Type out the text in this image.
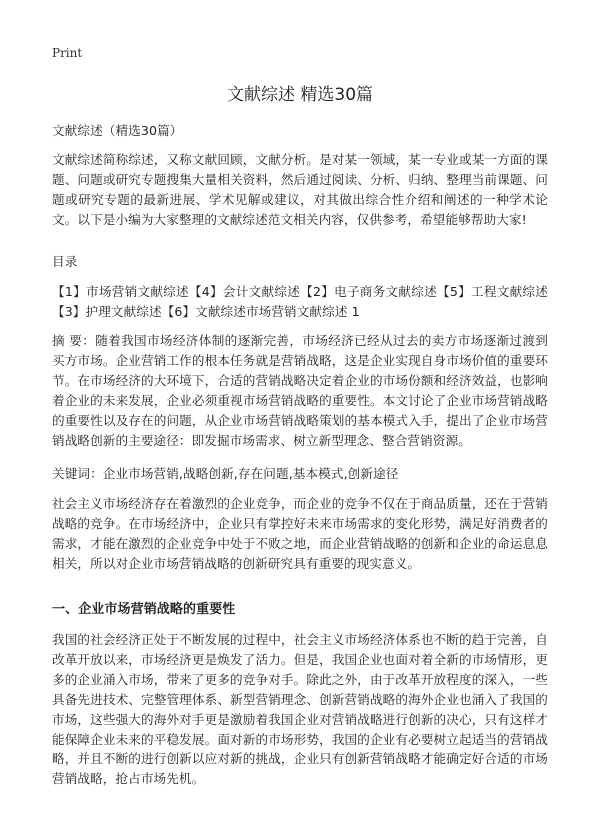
Print
文献综述 精选30篇

文献综述（精选30篇）

文献综述简称综述，又称文献回顾，文献分析。是对某一领域，某一专业或某一方面的课题、问题或研究专题搜集大量相关资料，然后通过阅读、分析、归纳、整理当前课题、问题或研究专题的最新进展、学术见解或建议，对其做出综合性介绍和阐述的一种学术论文。以下是小编为大家整理的文献综述范文相关内容，仅供参考，希望能够帮助大家!

目录

【1】市场营销文献综述【4】会计文献综述【2】电子商务文献综述【5】工程文献综述【3】护理文献综述【6】文献综述市场营销文献综述 1

摘 要：随着我国市场经济体制的逐渐完善，市场经济已经从过去的卖方市场逐渐过渡到买方市场。企业营销工作的根本任务就是营销战略，这是企业实现自身市场价值的重要环节。在市场经济的大环境下，合适的营销战略决定着企业的市场份额和经济效益，也影响着企业的未来发展，企业必须重视市场营销战略的重要性。本文讨论了企业市场营销战略的重要性以及存在的问题，从企业市场营销战略策划的基本模式入手，提出了企业市场营销战略创新的主要途径：即发掘市场需求、树立新型理念、整合营销资源。

关键词：企业市场营销,战略创新,存在问题,基本模式,创新途径

社会主义市场经济存在着激烈的企业竞争，而企业的竞争不仅在于商品质量，还在于营销战略的竞争。在市场经济中，企业只有掌控好未来市场需求的变化形势，满足好消费者的需求，才能在激烈的企业竞争中处于不败之地，而企业营销战略的创新和企业的命运息息相关，所以对企业市场营销战略的创新研究具有重要的现实意义。

一、企业市场营销战略的重要性

我国的社会经济正处于不断发展的过程中，社会主义市场经济体系也不断的趋于完善，自改革开放以来，市场经济更是焕发了活力。但是，我国企业也面对着全新的市场情形，更多的企业涌入市场，带来了更多的竞争对手。除此之外，由于改革开放程度的深入，一些具备先进技术、完整管理体系、新型营销理念、创新营销战略的海外企业也涌入了我国的市场，这些强大的海外对手更是激励着我国企业对营销战略进行创新的决心，只有这样才能保障企业未来的平稳发展。面对新的市场形势，我国的企业有必要树立起适当的营销战略，并且不断的进行创新以应对新的挑战，企业只有创新营销战略才能确定好合适的市场营销战略，抢占市场先机。
